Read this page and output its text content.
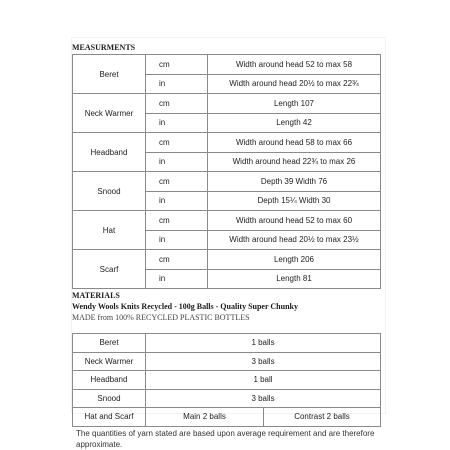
MEASURMENTS
Beret	cm	Width around head 52 to max 58
	in	Width around head 20½ to max 22¾
Neck Warmer	cm	Length 107
	in	Length 42
Headband	cm	Width around head 58 to max 66
	in	Width around head 22¾ to max 26
Snood	cm	Depth 39 Width 76
	in	Depth 15¼ Width 30
Hat	cm	Width around head 52 to max 60
	in	Width around head 20½ to max 23½
Scarf	cm	Length 206
	in	Length 81
MATERIALS
Wendy Wools Knits Recycled - 100g Balls - Quality Super Chunky
MADE from 100% RECYCLED PLASTIC BOTTLES
Beret	1 balls	
Neck Warmer	3 balls	
Headband	1 ball	
Snood	3 balls	
Hat and Scarf	Main 2 balls	Contrast 2 balls
The quantities of yarn stated are based upon average requirement and are therefore approximate.
